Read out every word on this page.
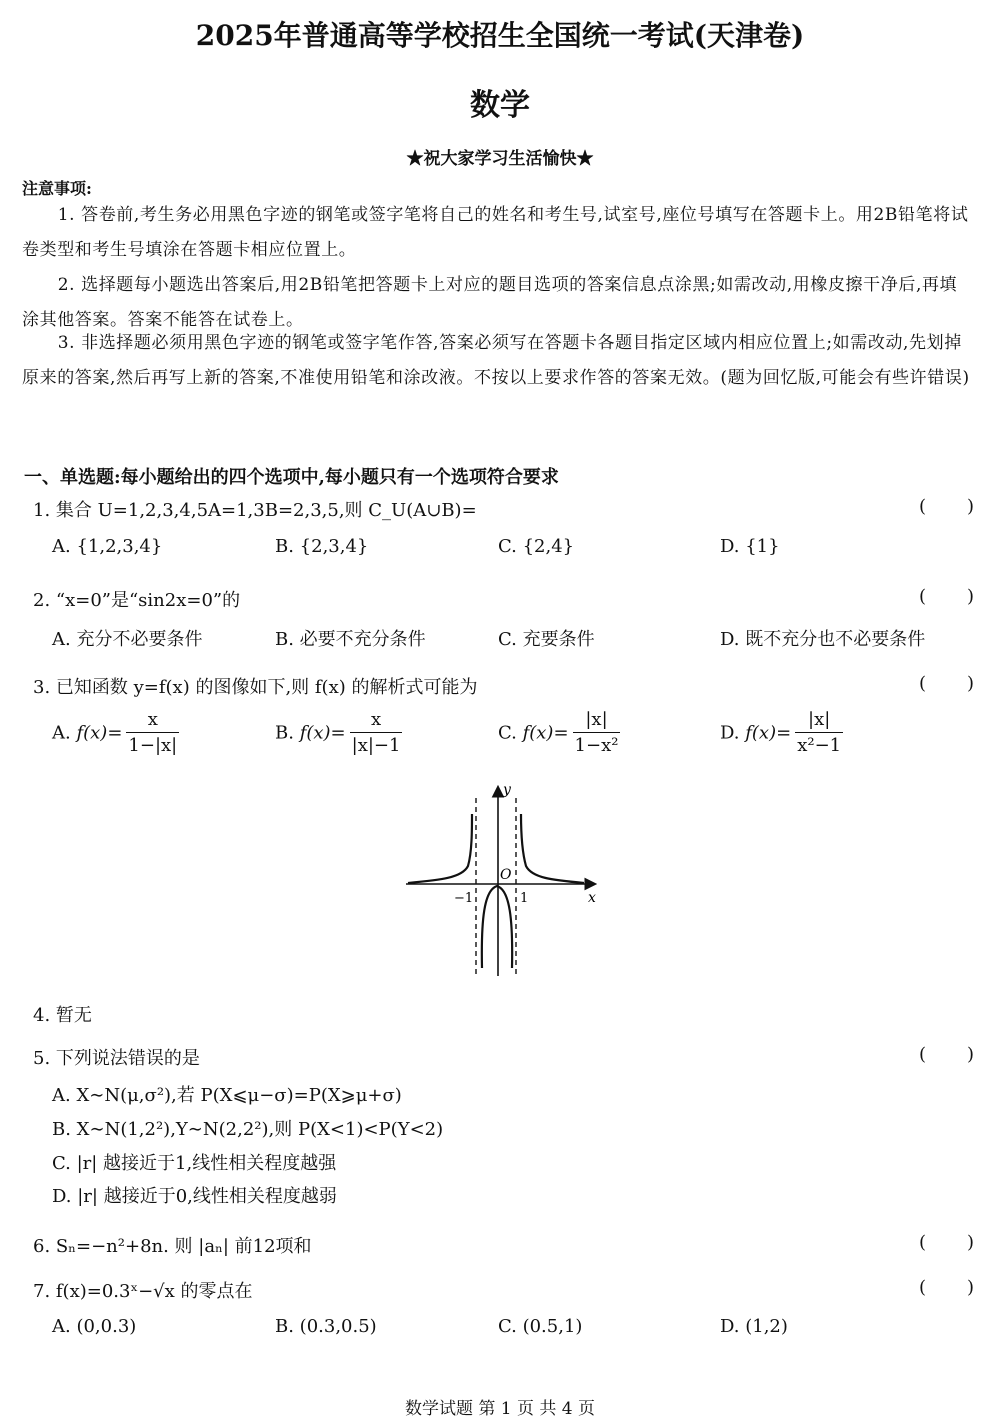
2025年普通高等学校招生全国统一考试(天津卷)
数学
★祝大家学习生活愉快★
注意事项:
1. 答卷前,考生务必用黑色字迹的钢笔或签字笔将自己的姓名和考生号,试室号,座位号填写在答题卡上。用2B铅笔将试卷类型和考生号填涂在答题卡相应位置上。
2. 选择题每小题选出答案后,用2B铅笔把答题卡上对应的题目选项的答案信息点涂黑;如需改动,用橡皮擦干净后,再填涂其他答案。答案不能答在试卷上。
3. 非选择题必须用黑色字迹的钢笔或签字笔作答,答案必须写在答题卡各题目指定区域内相应位置上;如需改动,先划掉原来的答案,然后再写上新的答案,不准使用铅笔和涂改液。不按以上要求作答的答案无效。(题为回忆版,可能会有些许错误)
一、单选题:每小题给出的四个选项中,每小题只有一个选项符合要求
1. 集合 U=1,2,3,4,5A=1,3B=2,3,5,则 C_U(A∪B)=	( )
A. {1,2,3,4}	B. {2,3,4}	C. {2,4}	D. {1}
2. “x=0”是“sin2x=0”的	( )
A. 充分不必要条件	B. 必要不充分条件	C. 充要条件	D. 既不充分也不必要条件
3. 已知函数 y=f(x) 的图像如下,则 f(x) 的解析式可能为	( )
A. $f(x)= \frac{x}{1-|x|}$	B. $f(x)= \frac{x}{|x|-1}$	C. $f(x)= \frac{|x|}{\text{1−x²}}$	D. $f(x)= \frac{|x|}{\text{x²−1}}$
y
x
O
−1	1
4. 暂无
5. 下列说法错误的是	( )
A. X∼N(μ,σ²),若 P(X⩽μ−σ)=P(X⩾μ+σ)
B. X∼N(1,2²),Y∼N(2,2²),则 P(X<1)<P(Y<2)
C. |r| 越接近于1,线性相关程度越强
D. |r| 越接近于0,线性相关程度越弱
6. Sₙ=−n²+8n. 则 |aₙ| 前12项和	( )
7. f(x)=0.3ˣ−√x 的零点在	( )
A. (0,0.3)	B. (0.3,0.5)	C. (0.5,1)	D. (1,2)
数学试题 第 1 页 共 4 页
